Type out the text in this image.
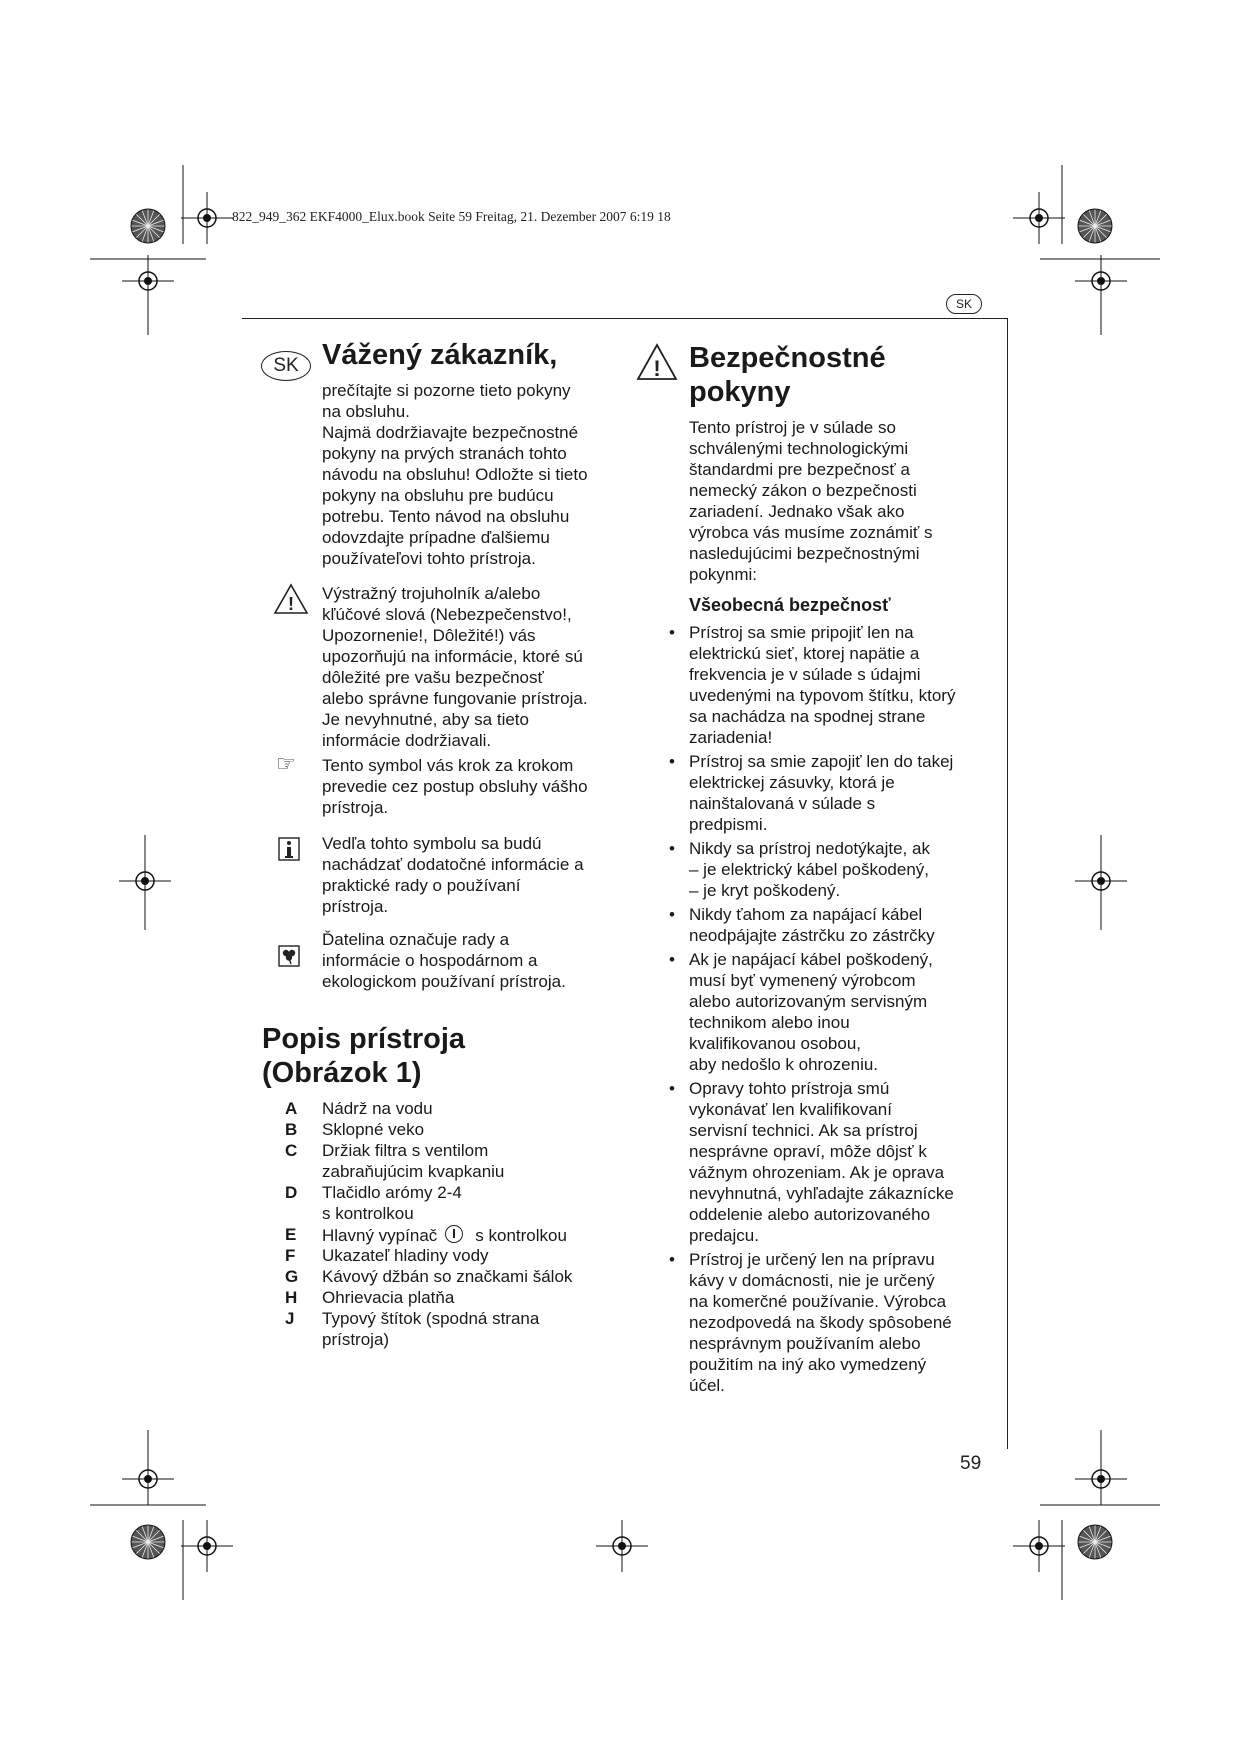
822_949_362 EKF4000_Elux.book Seite 59 Freitag, 21. Dezember 2007 6:19 18
SK
SK Vážený zákazník,

prečítajte si pozorne tieto pokyny

na obsluhu.

Najmä dodržiavajte bezpečnostné

pokyny na prvých stranách tohto

návodu na obsluhu! Odložte si tieto

pokyny na obsluhu pre budúcu

potrebu. Tento návod na obsluhu

odovzdajte prípadne ďalšiemu

používateľovi tohto prístroja.

!

Výstražný trojuholník a/alebo

kľúčové slová (Nebezpečenstvo!,

Upozornenie!, Dôležité!) vás

upozorňujú na informácie, ktoré sú

dôležité pre vašu bezpečnosť

alebo správne fungovanie prístroja.

Je nevyhnutné, aby sa tieto

informácie dodržiavali.

☞ Tento symbol vás krok za krokom

prevedie cez postup obsluhy vášho

prístroja.

Vedľa tohto symbolu sa budú

nachádzať dodatočné informácie a

praktické rady o používaní

prístroja.

Ďatelina označuje rady a

informácie o hospodárnom a

ekologickom používaní prístroja.

Popis prístroja
(Obrázok 1)
A Nádrž na vodu
B Sklopné veko
C Držiak filtra s ventilom
zabraňujúcim kvapkaniu
D Tlačidlo arómy 2-4
s kontrolkou
E Hlavný vypínač s kontrolkou
F Ukazateľ hladiny vody
G Kávový džbán so značkami šálok
H Ohrievacia platňa
J Typový štítok (spodná strana
prístroja)
! Bezpečnostné
pokyny

Tento prístroj je v súlade so

schválenými technologickými

štandardmi pre bezpečnosť a

nemecký zákon o bezpečnosti

zariadení. Jednako však ako

výrobca vás musíme zoznámiť s

nasledujúcimi bezpečnostnými

pokynmi:

Všeobecná bezpečnosť
• Prístroj sa smie pripojiť len na

elektrickú sieť, ktorej napätie a

frekvencia je v súlade s údajmi

uvedenými na typovom štítku, ktorý

sa nachádza na spodnej strane

zariadenia!

• Prístroj sa smie zapojiť len do takej

elektrickej zásuvky, ktorá je

nainštalovaná v súlade s

predpismi.

• Nikdy sa prístroj nedotýkajte, ak

– je elektrický kábel poškodený,

– je kryt poškodený.

• Nikdy ťahom za napájací kábel

neodpájajte zástrčku zo zástrčky

• Ak je napájací kábel poškodený,

musí byť vymenený výrobcom

alebo autorizovaným servisným

technikom alebo inou

kvalifikovanou osobou,

aby nedošlo k ohrozeniu.

• Opravy tohto prístroja smú

vykonávať len kvalifikovaní

servisní technici. Ak sa prístroj

nesprávne opraví, môže dôjsť k

vážnym ohrozeniam. Ak je oprava

nevyhnutná, vyhľadajte zákaznícke

oddelenie alebo autorizovaného

predajcu.

• Prístroj je určený len na prípravu

kávy v domácnosti, nie je určený

na komerčné používanie. Výrobca

nezodpovedá na škody spôsobené

nesprávnym používaním alebo

použitím na iný ako vymedzený

účel.

59
